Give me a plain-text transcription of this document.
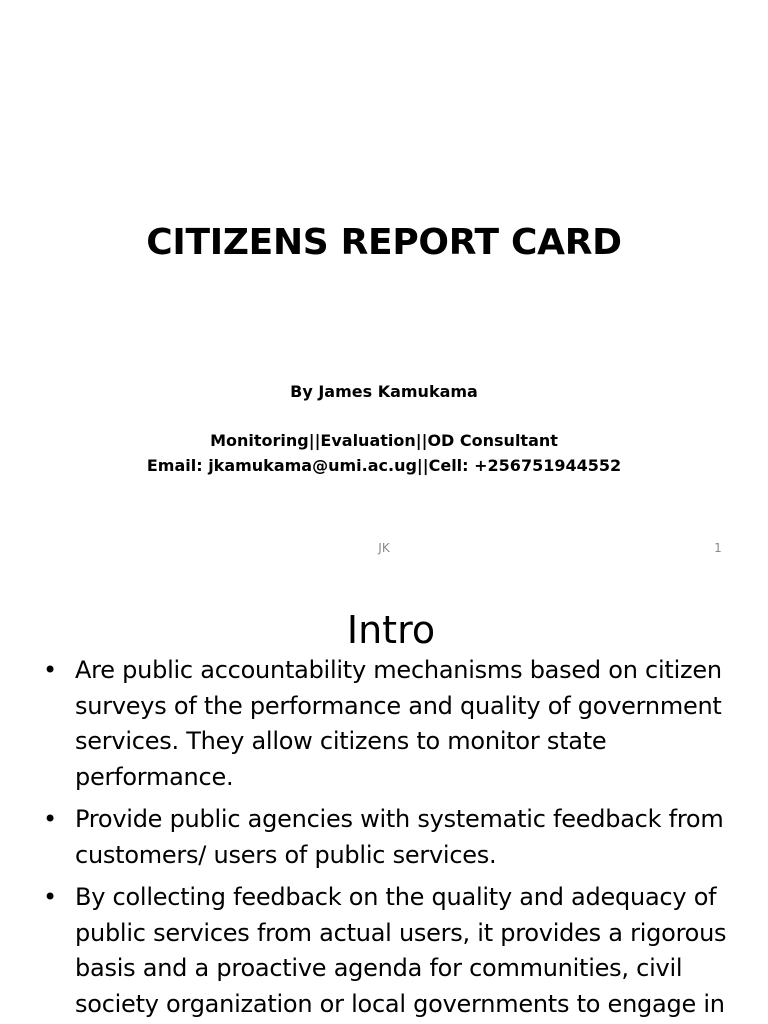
CITIZENS REPORT CARD
By James Kamukama
Monitoring||Evaluation||OD Consultant
Email: jkamukama@umi.ac.ug||Cell: +256751944552
JK	1
Intro
• Are public accountability mechanisms based on citizen surveys of the performance and quality of government services. They allow citizens to monitor state performance.
• Provide public agencies with systematic feedback from customers/ users of public services.
• By collecting feedback on the quality and adequacy of public services from actual users, it provides a rigorous basis and a proactive agenda for communities, civil society organization or local governments to engage in
